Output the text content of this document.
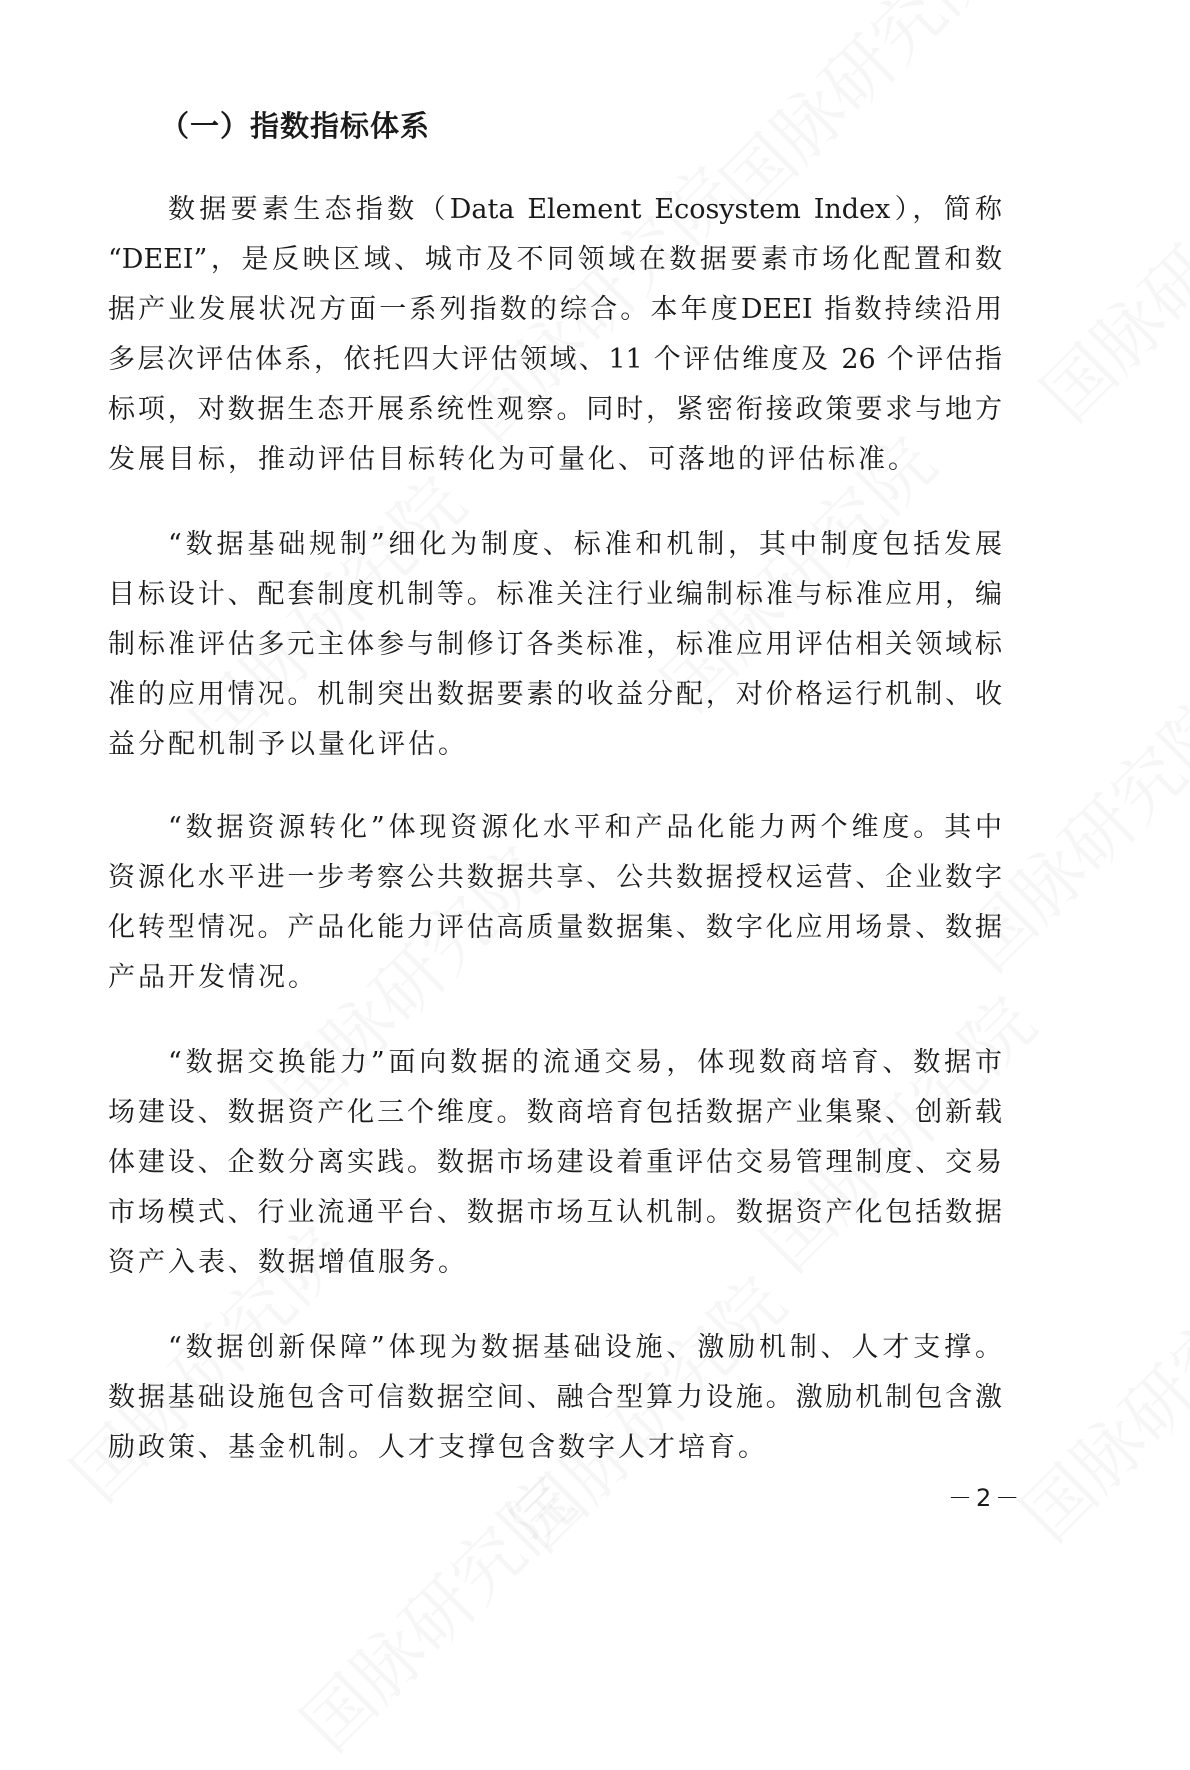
（一）指数指标体系
数据要素生态指数（Data Element Ecosystem Index），简称
“DEEI”，是反映区域、城市及不同领域在数据要素市场化配置和数
据产业发展状况方面一系列指数的综合。本年度DEEI 指数持续沿用
多层次评估体系，依托四大评估领域、11 个评估维度及 26 个评估指
标项，对数据生态开展系统性观察。同时，紧密衔接政策要求与地方
发展目标，推动评估目标转化为可量化、可落地的评估标准。
“数据基础规制”细化为制度、标准和机制，其中制度包括发展
目标设计、配套制度机制等。标准关注行业编制标准与标准应用，编
制标准评估多元主体参与制修订各类标准，标准应用评估相关领域标
准的应用情况。机制突出数据要素的收益分配，对价格运行机制、收
益分配机制予以量化评估。
“数据资源转化”体现资源化水平和产品化能力两个维度。其中
资源化水平进一步考察公共数据共享、公共数据授权运营、企业数字
化转型情况。产品化能力评估高质量数据集、数字化应用场景、数据
产品开发情况。
“数据交换能力”面向数据的流通交易，体现数商培育、数据市
场建设、数据资产化三个维度。数商培育包括数据产业集聚、创新载
体建设、企数分离实践。数据市场建设着重评估交易管理制度、交易
市场模式、行业流通平台、数据市场互认机制。数据资产化包括数据
资产入表、数据增值服务。
“数据创新保障”体现为数据基础设施、激励机制、人才支撑。
数据基础设施包含可信数据空间、融合型算力设施。激励机制包含激
励政策、基金机制。人才支撑包含数字人才培育。
－2－
